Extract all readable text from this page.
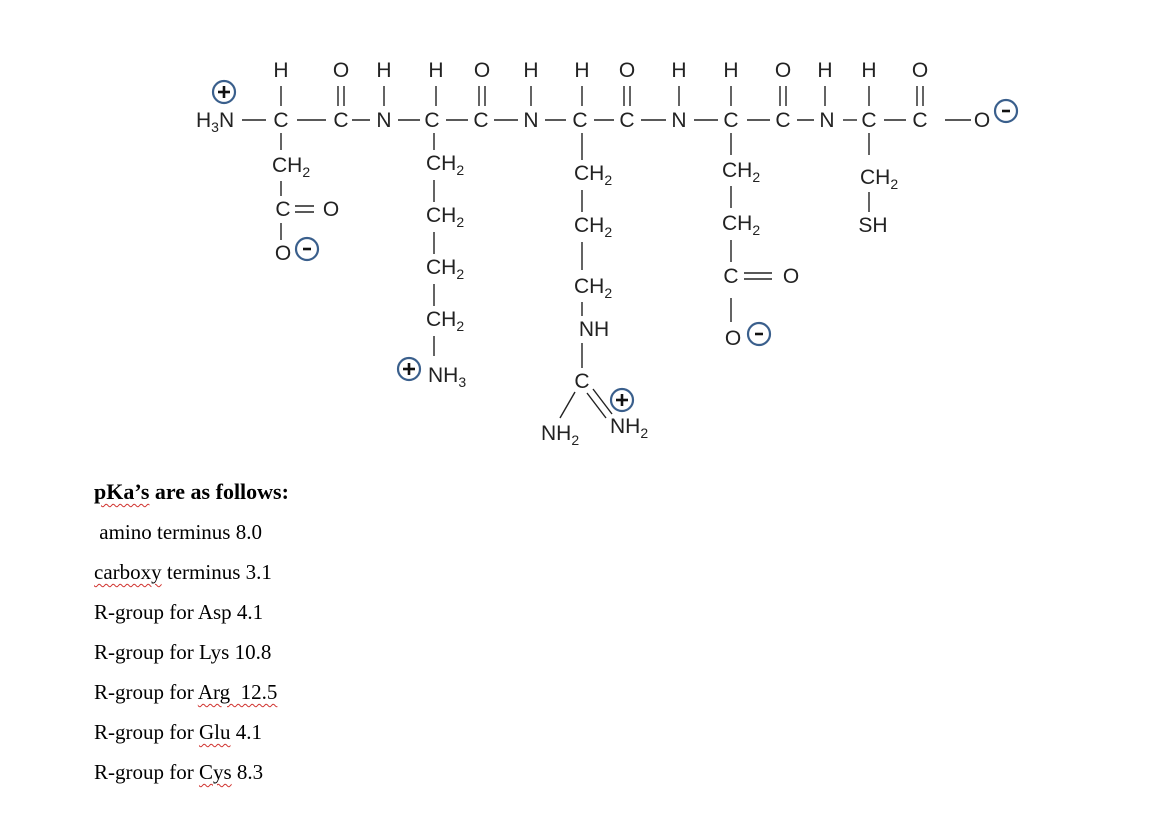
H O H H O H H O H H O H H O
$H_3N$ C C N C C N C C N C C N C C O
$CH_2$
C O
O
$CH_2$
$CH_2$
$CH_2$
$CH_2$
$NH_3$
$CH_2$
$CH_2$
$CH_2$
NH
C
$NH_2$
$NH_2$
$CH_2$
$CH_2$
C O
O
$CH_2$
SH
pKa’s are as follows:
amino terminus 8.0
carboxy terminus 3.1
R-group for Asp 4.1
R-group for Lys 10.8
R-group for Arg  12.5
R-group for Glu 4.1
R-group for Cys 8.3
